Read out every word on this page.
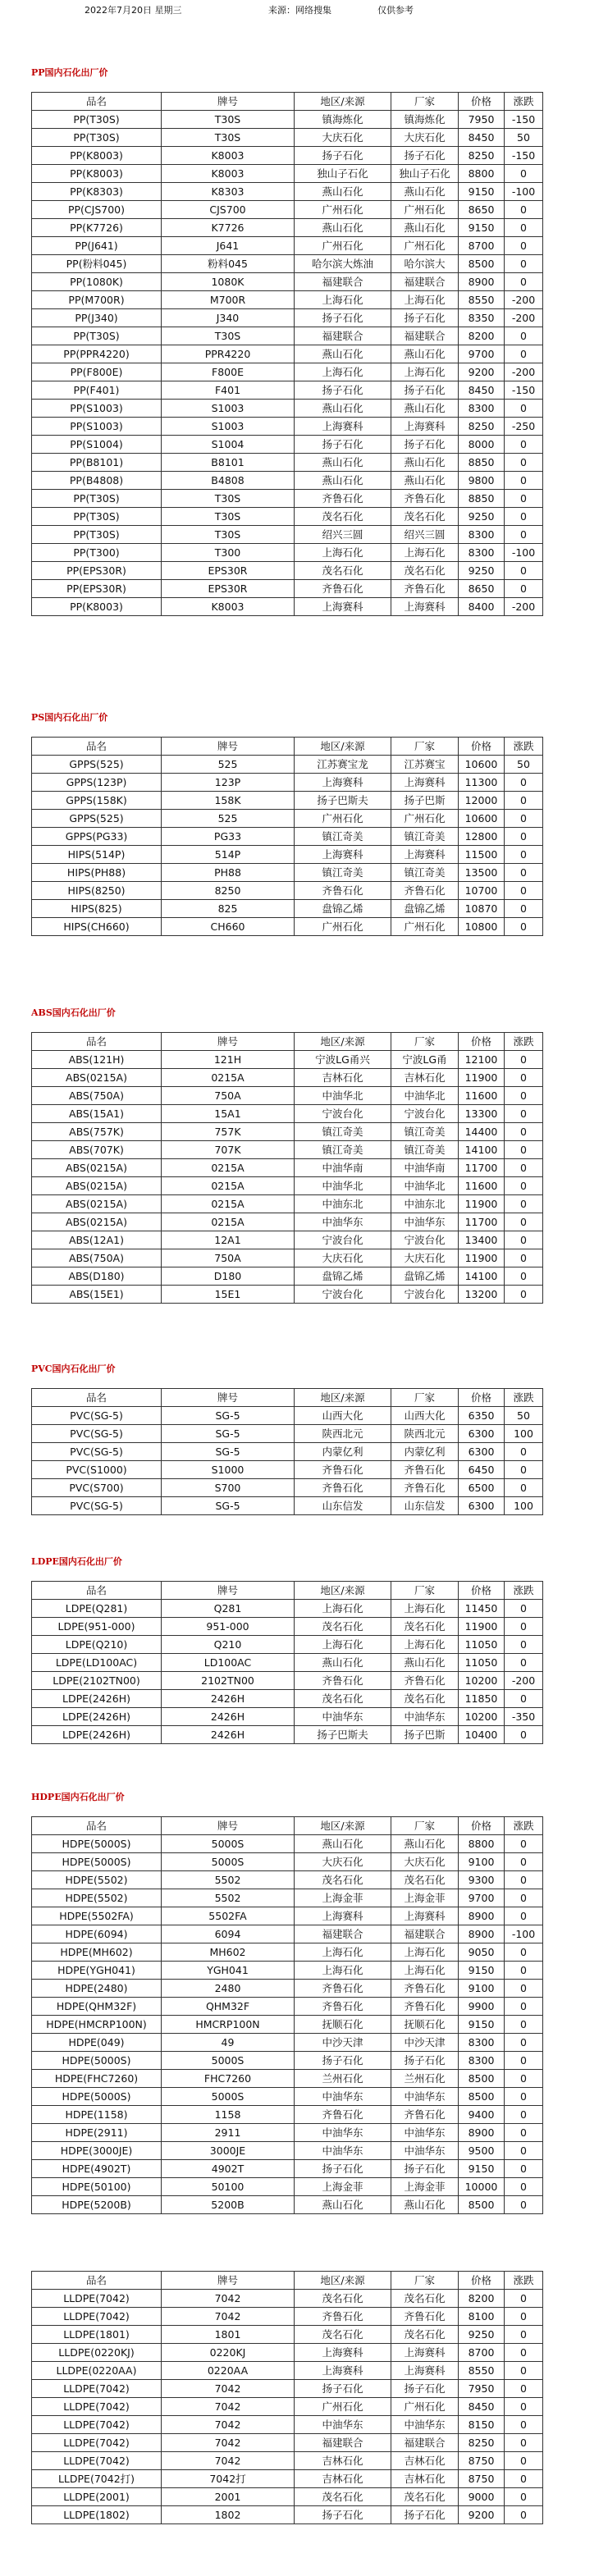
2022年7月20日 星期三	来源：网络搜集	仅供参考
PP国内石化出厂价
品名	牌号	地区/来源	厂家	价格	涨跌
PP(T30S)	T30S	镇海炼化	镇海炼化	7950	-150
PP(T30S)	T30S	大庆石化	大庆石化	8450	50
PP(K8003)	K8003	扬子石化	扬子石化	8250	-150
PP(K8003)	K8003	独山子石化	独山子石化	8800	0
PP(K8303)	K8303	燕山石化	燕山石化	9150	-100
PP(CJS700)	CJS700	广州石化	广州石化	8650	0
PP(K7726)	K7726	燕山石化	燕山石化	9150	0
PP(J641)	J641	广州石化	广州石化	8700	0
PP(粉料045)	粉料045	哈尔滨大炼油	哈尔滨大	8500	0
PP(1080K)	1080K	福建联合	福建联合	8900	0
PP(M700R)	M700R	上海石化	上海石化	8550	-200
PP(J340)	J340	扬子石化	扬子石化	8350	-200
PP(T30S)	T30S	福建联合	福建联合	8200	0
PP(PPR4220)	PPR4220	燕山石化	燕山石化	9700	0
PP(F800E)	F800E	上海石化	上海石化	9200	-200
PP(F401)	F401	扬子石化	扬子石化	8450	-150
PP(S1003)	S1003	燕山石化	燕山石化	8300	0
PP(S1003)	S1003	上海赛科	上海赛科	8250	-250
PP(S1004)	S1004	扬子石化	扬子石化	8000	0
PP(B8101)	B8101	燕山石化	燕山石化	8850	0
PP(B4808)	B4808	燕山石化	燕山石化	9800	0
PP(T30S)	T30S	齐鲁石化	齐鲁石化	8850	0
PP(T30S)	T30S	茂名石化	茂名石化	9250	0
PP(T30S)	T30S	绍兴三圆	绍兴三圆	8300	0
PP(T300)	T300	上海石化	上海石化	8300	-100
PP(EPS30R)	EPS30R	茂名石化	茂名石化	9250	0
PP(EPS30R)	EPS30R	齐鲁石化	齐鲁石化	8650	0
PP(K8003)	K8003	上海赛科	上海赛科	8400	-200
PS国内石化出厂价
品名	牌号	地区/来源	厂家	价格	涨跌
GPPS(525)	525	江苏赛宝龙	江苏赛宝	10600	50
GPPS(123P)	123P	上海赛科	上海赛科	11300	0
GPPS(158K)	158K	扬子巴斯夫	扬子巴斯	12000	0
GPPS(525)	525	广州石化	广州石化	10600	0
GPPS(PG33)	PG33	镇江奇美	镇江奇美	12800	0
HIPS(514P)	514P	上海赛科	上海赛科	11500	0
HIPS(PH88)	PH88	镇江奇美	镇江奇美	13500	0
HIPS(8250)	8250	齐鲁石化	齐鲁石化	10700	0
HIPS(825)	825	盘锦乙烯	盘锦乙烯	10870	0
HIPS(CH660)	CH660	广州石化	广州石化	10800	0
ABS国内石化出厂价
品名	牌号	地区/来源	厂家	价格	涨跌
ABS(121H)	121H	宁波LG甬兴	宁波LG甬	12100	0
ABS(0215A)	0215A	吉林石化	吉林石化	11900	0
ABS(750A)	750A	中油华北	中油华北	11600	0
ABS(15A1)	15A1	宁波台化	宁波台化	13300	0
ABS(757K)	757K	镇江奇美	镇江奇美	14400	0
ABS(707K)	707K	镇江奇美	镇江奇美	14100	0
ABS(0215A)	0215A	中油华南	中油华南	11700	0
ABS(0215A)	0215A	中油华北	中油华北	11600	0
ABS(0215A)	0215A	中油东北	中油东北	11900	0
ABS(0215A)	0215A	中油华东	中油华东	11700	0
ABS(12A1)	12A1	宁波台化	宁波台化	13400	0
ABS(750A)	750A	大庆石化	大庆石化	11900	0
ABS(D180)	D180	盘锦乙烯	盘锦乙烯	14100	0
ABS(15E1)	15E1	宁波台化	宁波台化	13200	0
PVC国内石化出厂价
品名	牌号	地区/来源	厂家	价格	涨跌
PVC(SG-5)	SG-5	山西大化	山西大化	6350	50
PVC(SG-5)	SG-5	陕西北元	陕西北元	6300	100
PVC(SG-5)	SG-5	内蒙亿利	内蒙亿利	6300	0
PVC(S1000)	S1000	齐鲁石化	齐鲁石化	6450	0
PVC(S700)	S700	齐鲁石化	齐鲁石化	6500	0
PVC(SG-5)	SG-5	山东信发	山东信发	6300	100
LDPE国内石化出厂价
品名	牌号	地区/来源	厂家	价格	涨跌
LDPE(Q281)	Q281	上海石化	上海石化	11450	0
LDPE(951-000)	951-000	茂名石化	茂名石化	11900	0
LDPE(Q210)	Q210	上海石化	上海石化	11050	0
LDPE(LD100AC)	LD100AC	燕山石化	燕山石化	11050	0
LDPE(2102TN00)	2102TN00	齐鲁石化	齐鲁石化	10200	-200
LDPE(2426H)	2426H	茂名石化	茂名石化	11850	0
LDPE(2426H)	2426H	中油华东	中油华东	10200	-350
LDPE(2426H)	2426H	扬子巴斯夫	扬子巴斯	10400	0
HDPE国内石化出厂价
品名	牌号	地区/来源	厂家	价格	涨跌
HDPE(5000S)	5000S	燕山石化	燕山石化	8800	0
HDPE(5000S)	5000S	大庆石化	大庆石化	9100	0
HDPE(5502)	5502	茂名石化	茂名石化	9300	0
HDPE(5502)	5502	上海金菲	上海金菲	9700	0
HDPE(5502FA)	5502FA	上海赛科	上海赛科	8900	0
HDPE(6094)	6094	福建联合	福建联合	8900	-100
HDPE(MH602)	MH602	上海石化	上海石化	9050	0
HDPE(YGH041)	YGH041	上海石化	上海石化	9150	0
HDPE(2480)	2480	齐鲁石化	齐鲁石化	9100	0
HDPE(QHM32F)	QHM32F	齐鲁石化	齐鲁石化	9900	0
HDPE(HMCRP100N)	HMCRP100N	抚顺石化	抚顺石化	9150	0
HDPE(049)	49	中沙天津	中沙天津	8300	0
HDPE(5000S)	5000S	扬子石化	扬子石化	8300	0
HDPE(FHC7260)	FHC7260	兰州石化	兰州石化	8500	0
HDPE(5000S)	5000S	中油华东	中油华东	8500	0
HDPE(1158)	1158	齐鲁石化	齐鲁石化	9400	0
HDPE(2911)	2911	中油华东	中油华东	8900	0
HDPE(3000JE)	3000JE	中油华东	中油华东	9500	0
HDPE(4902T)	4902T	扬子石化	扬子石化	9150	0
HDPE(50100)	50100	上海金菲	上海金菲	10000	0
HDPE(5200B)	5200B	燕山石化	燕山石化	8500	0
品名	牌号	地区/来源	厂家	价格	涨跌
LLDPE(7042)	7042	茂名石化	茂名石化	8200	0
LLDPE(7042)	7042	齐鲁石化	齐鲁石化	8100	0
LLDPE(1801)	1801	茂名石化	茂名石化	9250	0
LLDPE(0220KJ)	0220KJ	上海赛科	上海赛科	8700	0
LLDPE(0220AA)	0220AA	上海赛科	上海赛科	8550	0
LLDPE(7042)	7042	扬子石化	扬子石化	7950	0
LLDPE(7042)	7042	广州石化	广州石化	8450	0
LLDPE(7042)	7042	中油华东	中油华东	8150	0
LLDPE(7042)	7042	福建联合	福建联合	8250	0
LLDPE(7042)	7042	吉林石化	吉林石化	8750	0
LLDPE(7042打)	7042打	吉林石化	吉林石化	8750	0
LLDPE(2001)	2001	茂名石化	茂名石化	9000	0
LLDPE(1802)	1802	扬子石化	扬子石化	9200	0
